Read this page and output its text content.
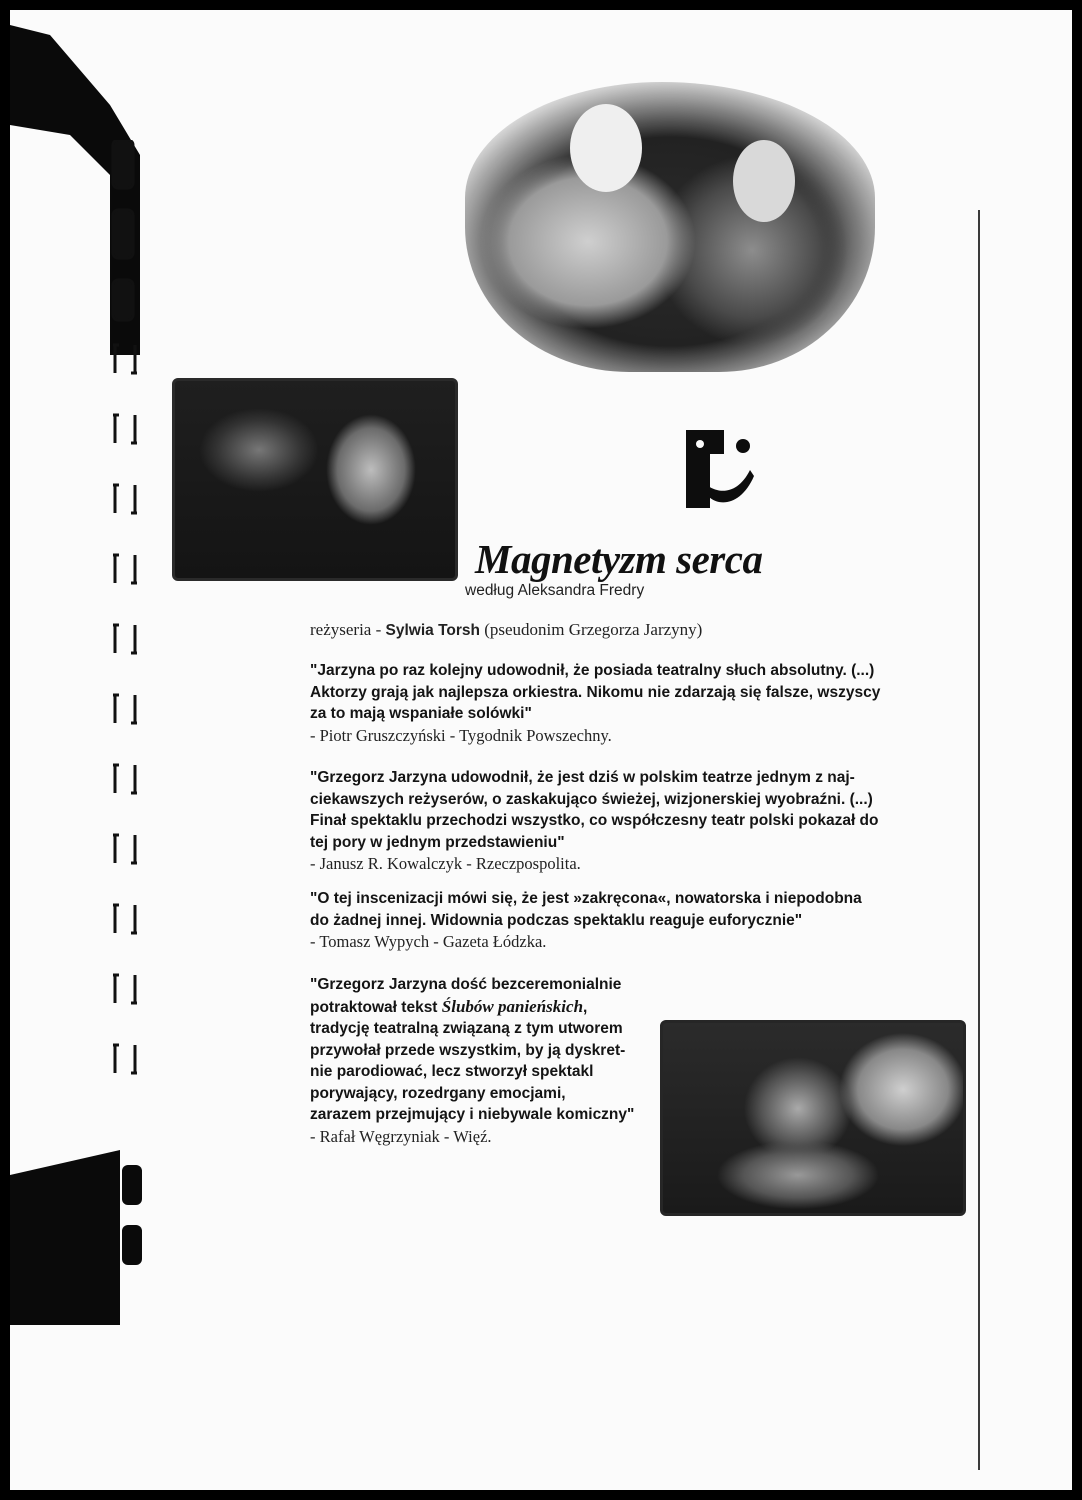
Magnetyzm serca

według Aleksandra Fredry

reżyseria - Sylwia Torsh (pseudonim Grzegorza Jarzyny)

"Jarzyna po raz kolejny udowodnił, że posiada teatralny słuch absolutny. (...)
Aktorzy grają jak najlepsza orkiestra. Nikomu nie zdarzają się falsze, wszyscy
za to mają wspaniałe solówki"
- Piotr Gruszczyński - Tygodnik Powszechny.

"Grzegorz Jarzyna udowodnił, że jest dziś w polskim teatrze jednym z naj-
ciekawszych reżyserów, o zaskakująco świeżej, wizjonerskiej wyobraźni. (...)
Finał spektaklu przechodzi wszystko, co współczesny teatr polski pokazał do
tej pory w jednym przedstawieniu"
- Janusz R. Kowalczyk - Rzeczpospolita.

"O tej inscenizacji mówi się, że jest »zakręcona«, nowatorska i niepodobna
do żadnej innej. Widownia podczas spektaklu reaguje euforycznie"
- Tomasz Wypych - Gazeta Łódzka.

"Grzegorz Jarzyna dość bezceremonialnie
potraktował tekst Ślubów panieńskich,
tradycję teatralną związaną z tym utworem
przywołał przede wszystkim, by ją dyskret-
nie parodiować, lecz stworzył spektakl
porywający, rozedrgany emocjami,
zarazem przejmujący i niebywale komiczny"
- Rafał Węgrzyniak - Więź.
